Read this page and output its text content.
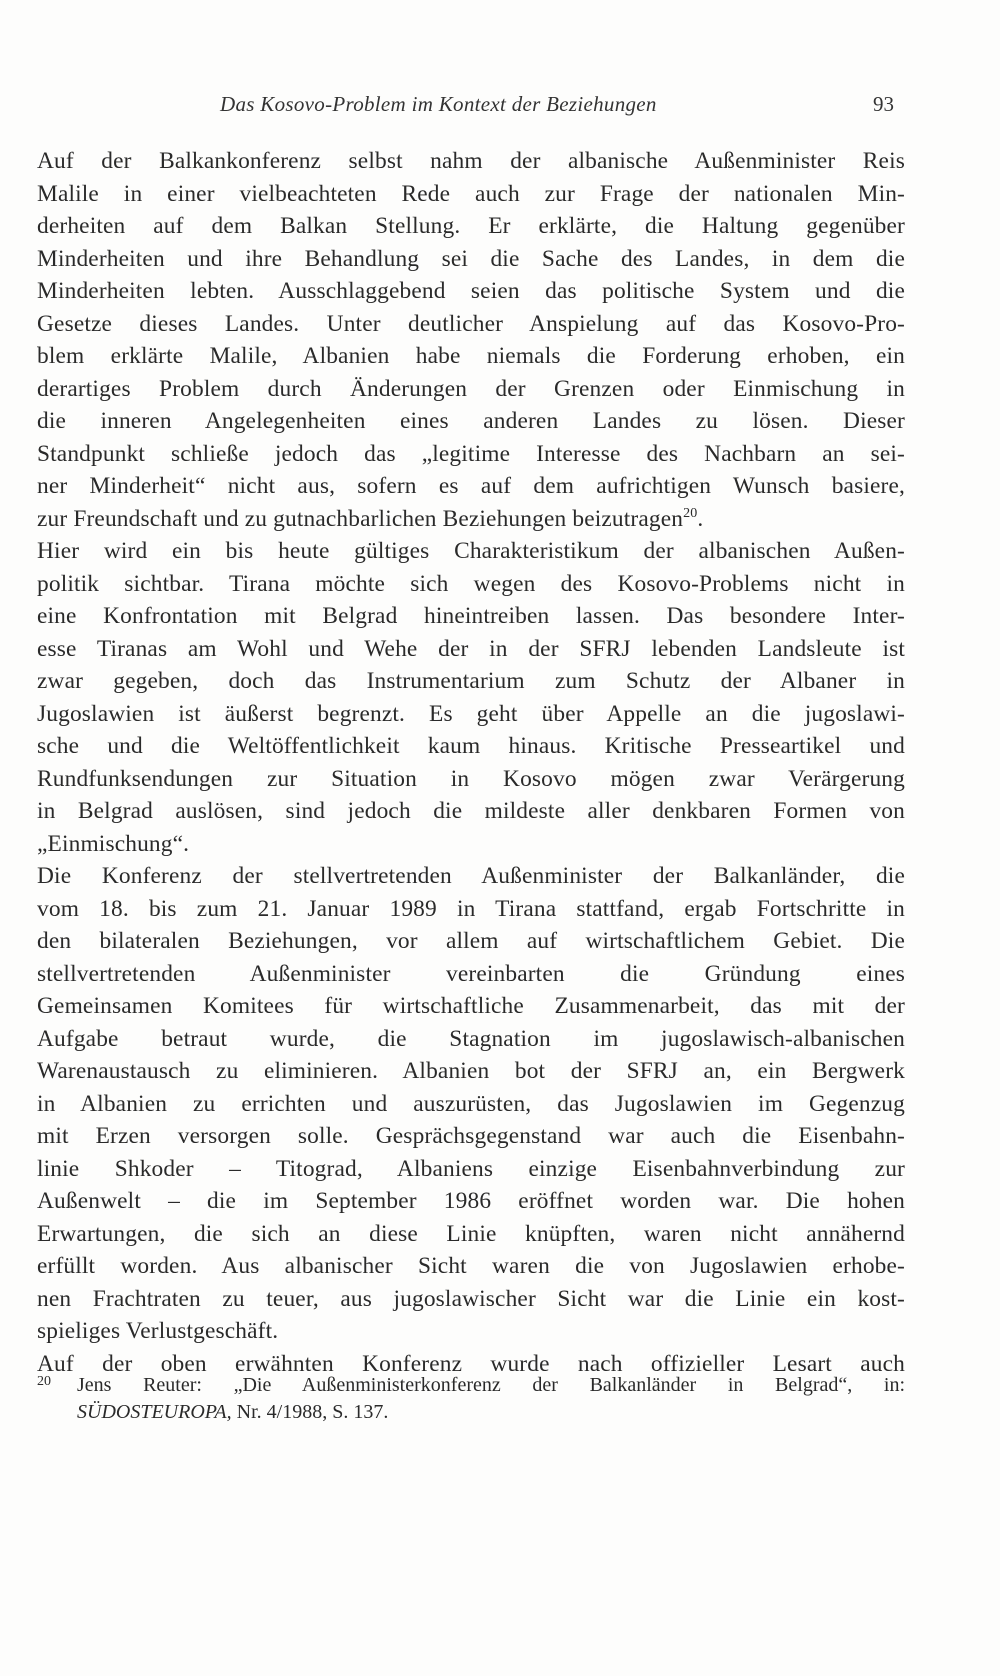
Das Kosovo-Problem im Kontext der Beziehungen	93
Auf der Balkankonferenz selbst nahm der albanische Außenminister Reis
Malile in einer vielbeachteten Rede auch zur Frage der nationalen Min-
derheiten auf dem Balkan Stellung. Er erklärte, die Haltung gegenüber
Minderheiten und ihre Behandlung sei die Sache des Landes, in dem die
Minderheiten lebten. Ausschlaggebend seien das politische System und die
Gesetze dieses Landes. Unter deutlicher Anspielung auf das Kosovo-Pro-
blem erklärte Malile, Albanien habe niemals die Forderung erhoben, ein
derartiges Problem durch Änderungen der Grenzen oder Einmischung in
die inneren Angelegenheiten eines anderen Landes zu lösen. Dieser
Standpunkt schließe jedoch das „legitime Interesse des Nachbarn an sei-
ner Minderheit“ nicht aus, sofern es auf dem aufrichtigen Wunsch basiere,
zur Freundschaft und zu gutnachbarlichen Beziehungen beizutragen$^{20}$.
Hier wird ein bis heute gültiges Charakteristikum der albanischen Außen-
politik sichtbar. Tirana möchte sich wegen des Kosovo-Problems nicht in
eine Konfrontation mit Belgrad hineintreiben lassen. Das besondere Inter-
esse Tiranas am Wohl und Wehe der in der SFRJ lebenden Landsleute ist
zwar gegeben, doch das Instrumentarium zum Schutz der Albaner in
Jugoslawien ist äußerst begrenzt. Es geht über Appelle an die jugoslawi-
sche und die Weltöffentlichkeit kaum hinaus. Kritische Presseartikel und
Rundfunksendungen zur Situation in Kosovo mögen zwar Verärgerung
in Belgrad auslösen, sind jedoch die mildeste aller denkbaren Formen von
„Einmischung“.
Die Konferenz der stellvertretenden Außenminister der Balkanländer, die
vom 18. bis zum 21. Januar 1989 in Tirana stattfand, ergab Fortschritte in
den bilateralen Beziehungen, vor allem auf wirtschaftlichem Gebiet. Die
stellvertretenden Außenminister vereinbarten die Gründung eines
Gemeinsamen Komitees für wirtschaftliche Zusammenarbeit, das mit der
Aufgabe betraut wurde, die Stagnation im jugoslawisch-albanischen
Warenaustausch zu eliminieren. Albanien bot der SFRJ an, ein Bergwerk
in Albanien zu errichten und auszurüsten, das Jugoslawien im Gegenzug
mit Erzen versorgen solle. Gesprächsgegenstand war auch die Eisenbahn-
linie Shkoder – Titograd, Albaniens einzige Eisenbahnverbindung zur
Außenwelt – die im September 1986 eröffnet worden war. Die hohen
Erwartungen, die sich an diese Linie knüpften, waren nicht annähernd
erfüllt worden. Aus albanischer Sicht waren die von Jugoslawien erhobe-
nen Frachtraten zu teuer, aus jugoslawischer Sicht war die Linie ein kost-
spieliges Verlustgeschäft.
Auf der oben erwähnten Konferenz wurde nach offizieller Lesart auch
20 Jens Reuter: „Die Außenministerkonferenz der Balkanländer in Belgrad“, in:
SÜDOSTEUROPA, Nr. 4/1988, S. 137.
